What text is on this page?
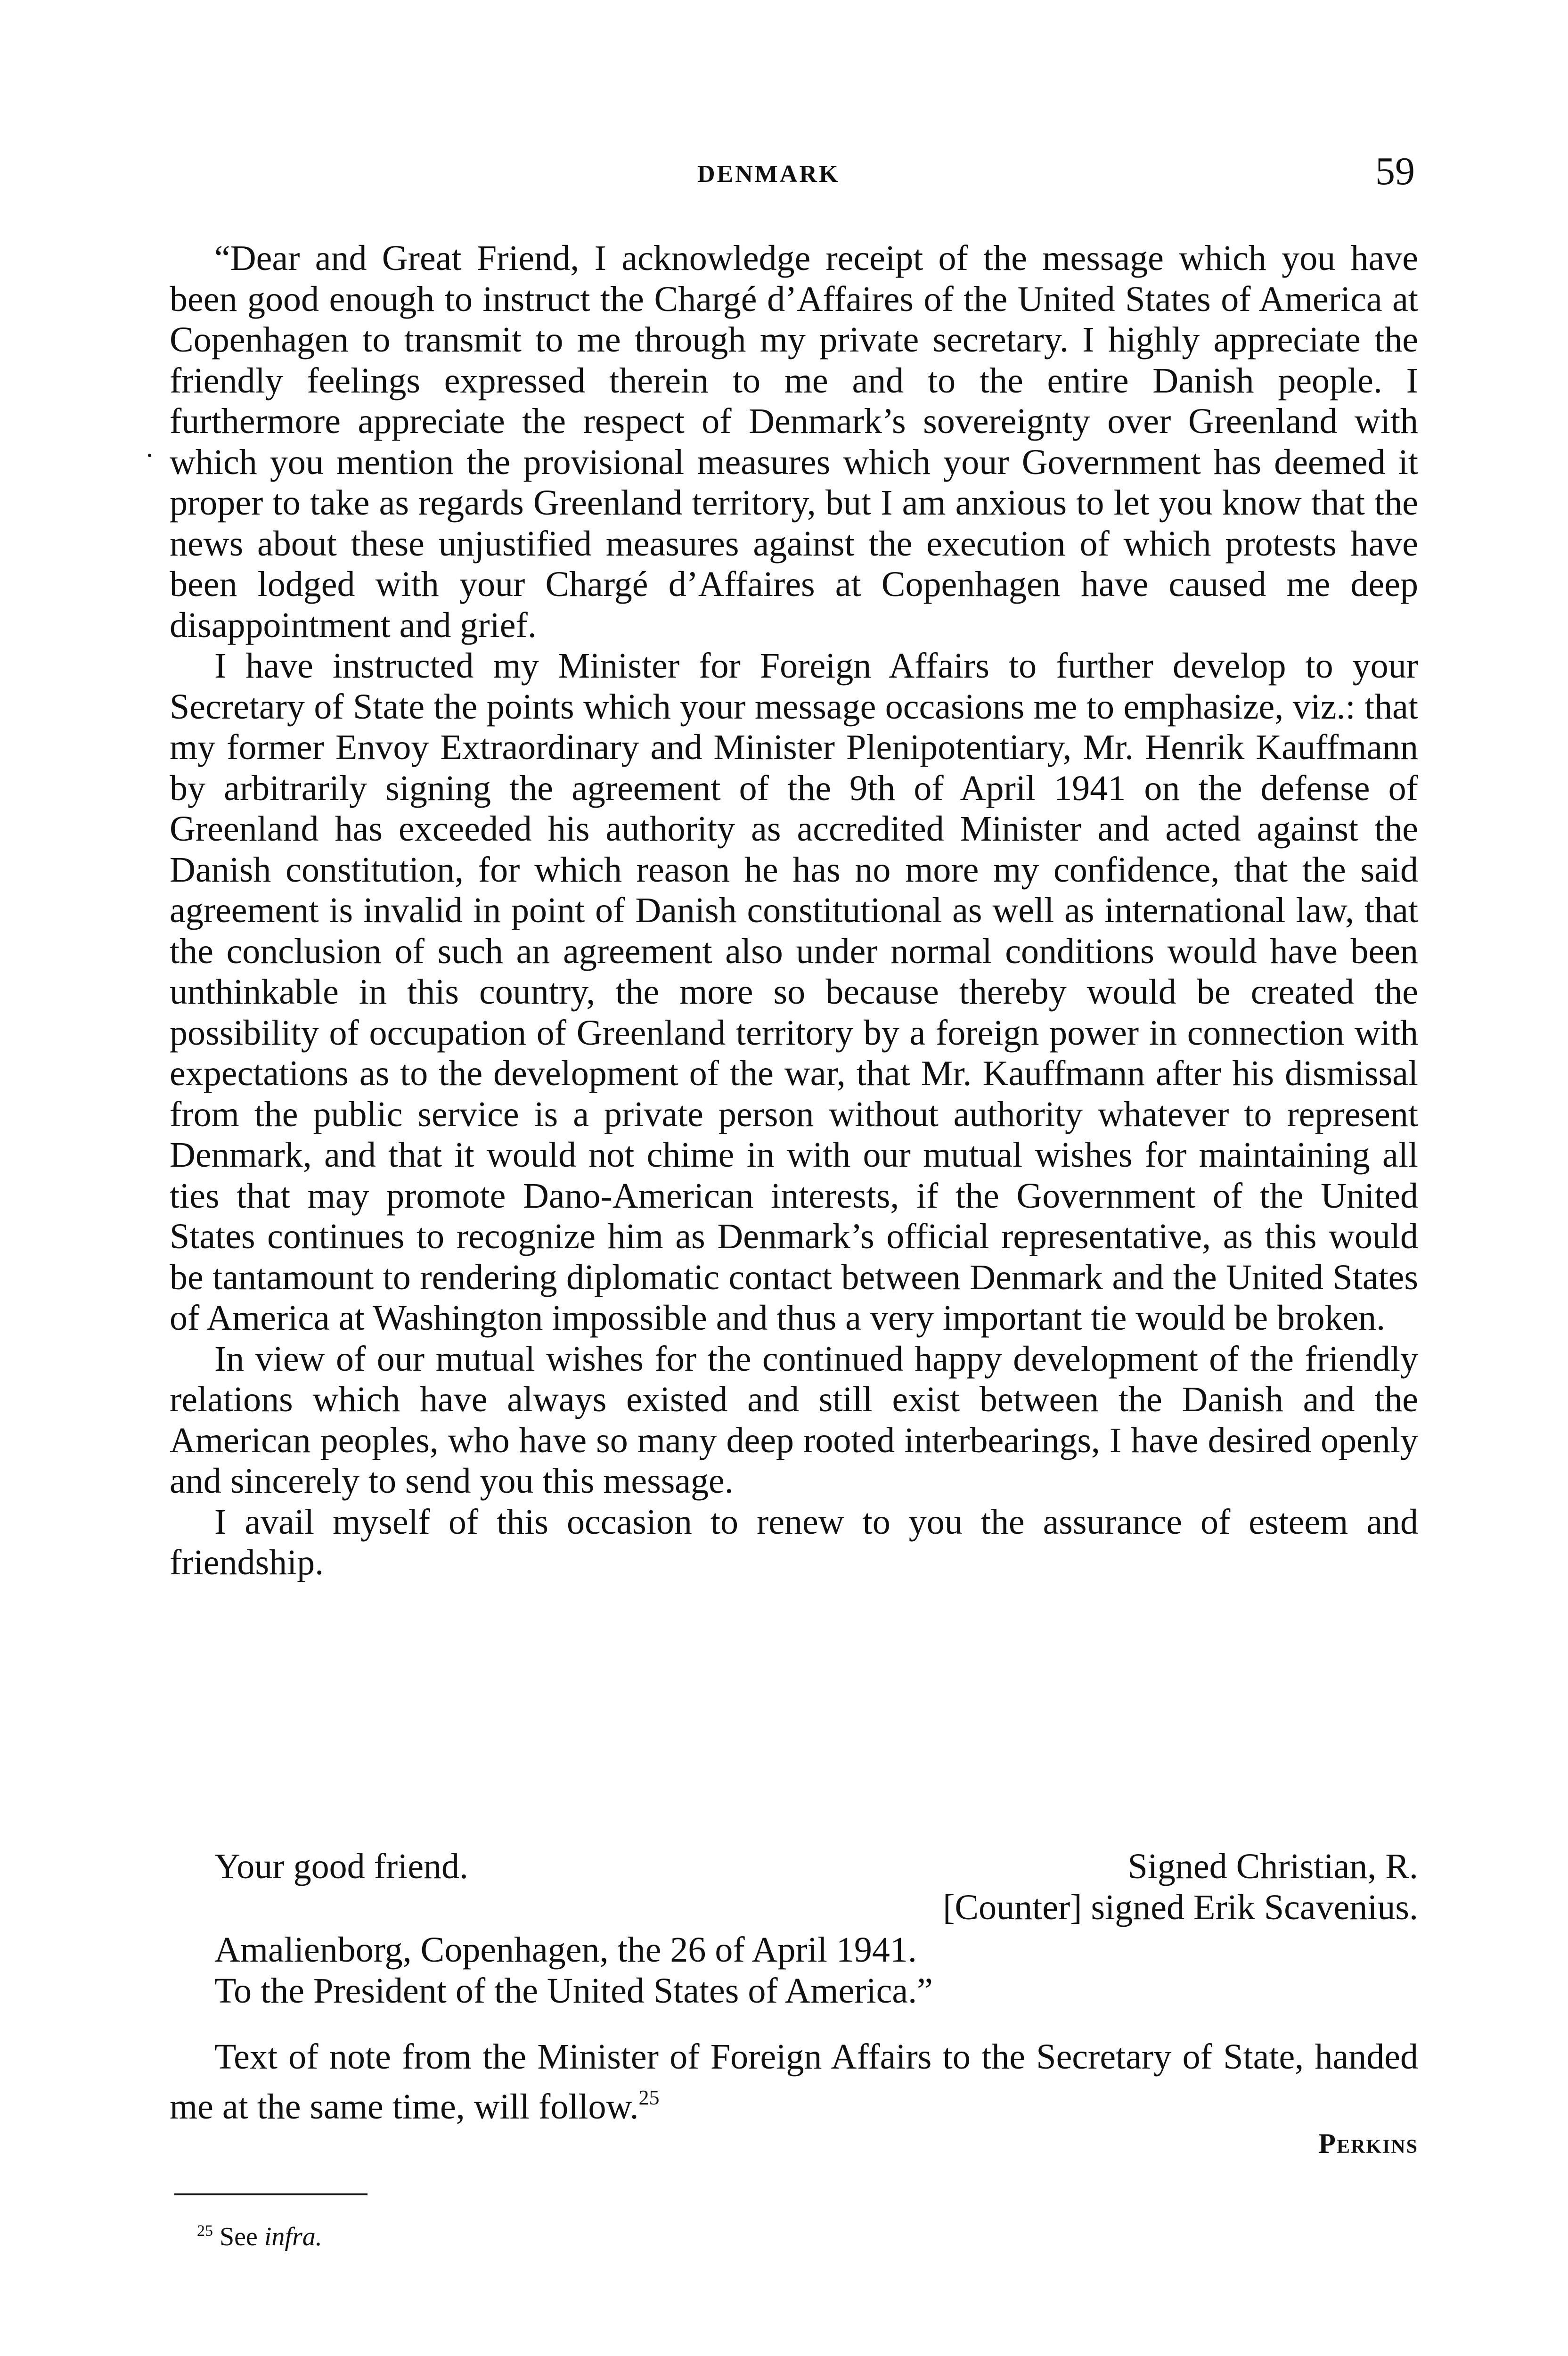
DENMARK	59
.

“Dear and Great Friend, I acknowledge receipt of the message which you have been good enough to instruct the Chargé d’Affaires of the United States of America at Copenhagen to transmit to me through my private secretary. I highly appreciate the friendly feelings expressed therein to me and to the entire Danish people. I furthermore appreciate the respect of Denmark’s sovereignty over Greenland with which you mention the provisional measures which your Government has deemed it proper to take as regards Greenland territory, but I am anxious to let you know that the news about these unjustified measures against the execution of which protests have been lodged with your Chargé d’Affaires at Copenhagen have caused me deep disappointment and grief.

I have instructed my Minister for Foreign Affairs to further develop to your Secretary of State the points which your message occasions me to emphasize, viz.: that my former Envoy Extraordinary and Minister Plenipotentiary, Mr. Henrik Kauffmann by arbitrarily signing the agreement of the 9th of April 1941 on the defense of Greenland has exceeded his authority as accredited Minister and acted against the Danish constitution, for which reason he has no more my confidence, that the said agreement is invalid in point of Danish constitutional as well as international law, that the conclusion of such an agreement also under normal conditions would have been unthinkable in this country, the more so because thereby would be created the possibility of occupation of Greenland territory by a foreign power in connection with expectations as to the development of the war, that Mr. Kauffmann after his dismissal from the public service is a private person without authority whatever to represent Denmark, and that it would not chime in with our mutual wishes for maintaining all ties that may promote Dano-American interests, if the Government of the United States continues to recognize him as Denmark’s official representative, as this would be tantamount to rendering diplomatic contact between Denmark and the United States of America at Washington impossible and thus a very important tie would be broken.

In view of our mutual wishes for the continued happy development of the friendly relations which have always existed and still exist between the Danish and the American peoples, who have so many deep rooted interbearings, I have desired openly and sincerely to send you this message.

I avail myself of this occasion to renew to you the assurance of esteem and friendship.

Your good friend.	Signed Christian, R.
[Counter] signed Erik Scavenius.
Amalienborg, Copenhagen, the 26 of April 1941.
To the President of the United States of America.”

Text of note from the Minister of Foreign Affairs to the Secretary of State, handed me at the same time, will follow.$^{25}$

Perkins
$^{25}$ See infra.
